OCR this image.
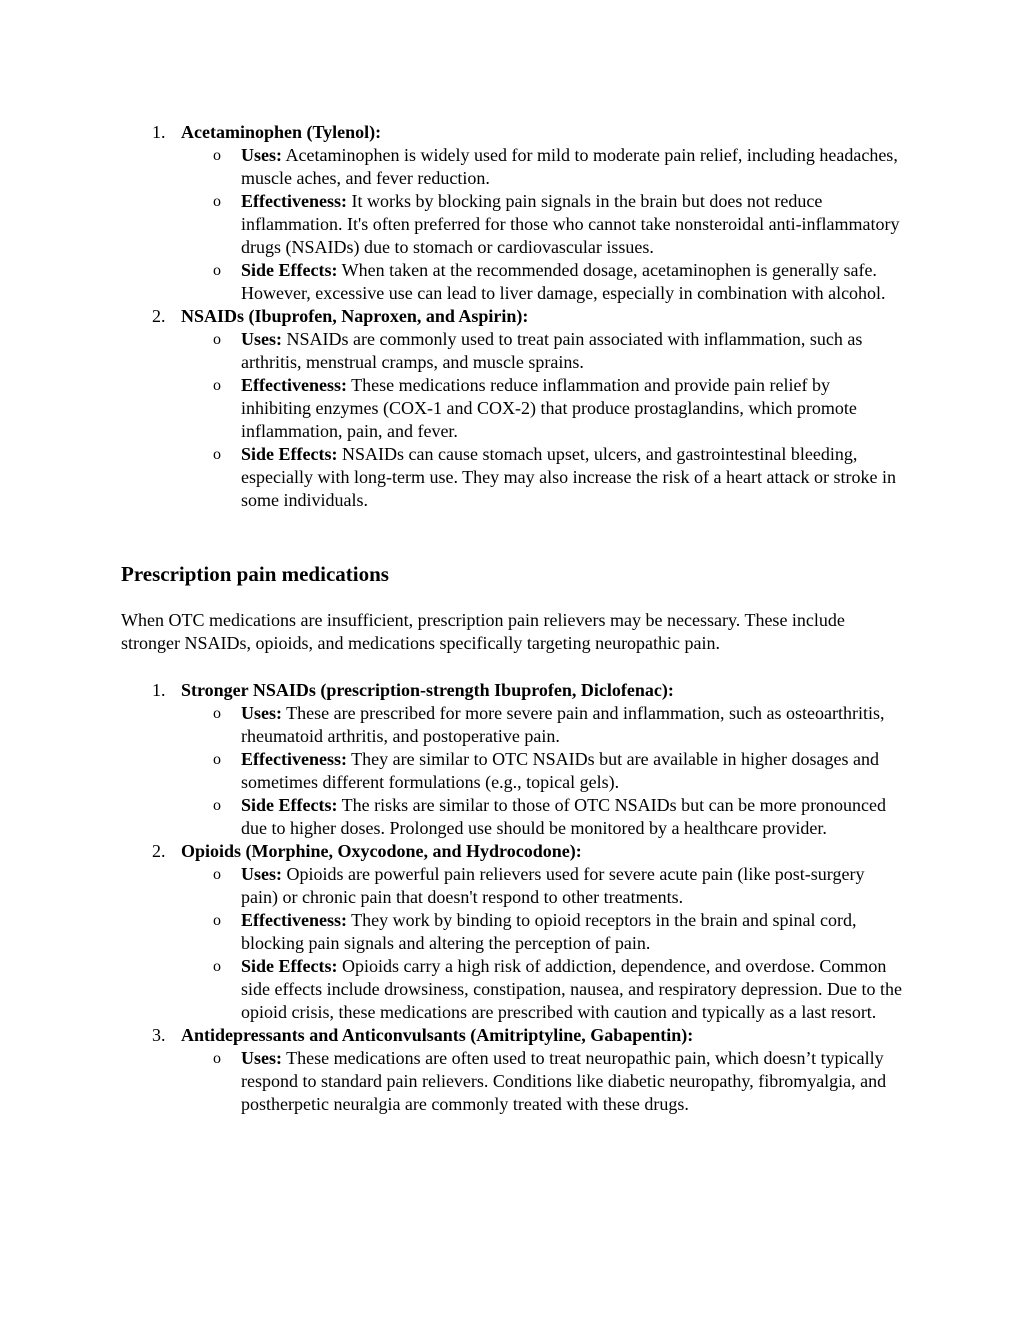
1. Acetaminophen (Tylenol):
o Uses: Acetaminophen is widely used for mild to moderate pain relief, including headaches, muscle aches, and fever reduction.
o Effectiveness: It works by blocking pain signals in the brain but does not reduce inflammation. It's often preferred for those who cannot take nonsteroidal anti-inflammatory drugs (NSAIDs) due to stomach or cardiovascular issues.
o Side Effects: When taken at the recommended dosage, acetaminophen is generally safe. However, excessive use can lead to liver damage, especially in combination with alcohol.
2. NSAIDs (Ibuprofen, Naproxen, and Aspirin):
o Uses: NSAIDs are commonly used to treat pain associated with inflammation, such as arthritis, menstrual cramps, and muscle sprains.
o Effectiveness: These medications reduce inflammation and provide pain relief by inhibiting enzymes (COX-1 and COX-2) that produce prostaglandins, which promote inflammation, pain, and fever.
o Side Effects: NSAIDs can cause stomach upset, ulcers, and gastrointestinal bleeding, especially with long-term use. They may also increase the risk of a heart attack or stroke in some individuals.
Prescription pain medications

When OTC medications are insufficient, prescription pain relievers may be necessary. These include stronger NSAIDs, opioids, and medications specifically targeting neuropathic pain.

1. Stronger NSAIDs (prescription-strength Ibuprofen, Diclofenac):
o Uses: These are prescribed for more severe pain and inflammation, such as osteoarthritis, rheumatoid arthritis, and postoperative pain.
o Effectiveness: They are similar to OTC NSAIDs but are available in higher dosages and sometimes different formulations (e.g., topical gels).
o Side Effects: The risks are similar to those of OTC NSAIDs but can be more pronounced due to higher doses. Prolonged use should be monitored by a healthcare provider.
2. Opioids (Morphine, Oxycodone, and Hydrocodone):
o Uses: Opioids are powerful pain relievers used for severe acute pain (like post-surgery pain) or chronic pain that doesn't respond to other treatments.
o Effectiveness: They work by binding to opioid receptors in the brain and spinal cord, blocking pain signals and altering the perception of pain.
o Side Effects: Opioids carry a high risk of addiction, dependence, and overdose. Common side effects include drowsiness, constipation, nausea, and respiratory depression. Due to the opioid crisis, these medications are prescribed with caution and typically as a last resort.
3. Antidepressants and Anticonvulsants (Amitriptyline, Gabapentin):
o Uses: These medications are often used to treat neuropathic pain, which doesn’t typically respond to standard pain relievers. Conditions like diabetic neuropathy, fibromyalgia, and postherpetic neuralgia are commonly treated with these drugs.
